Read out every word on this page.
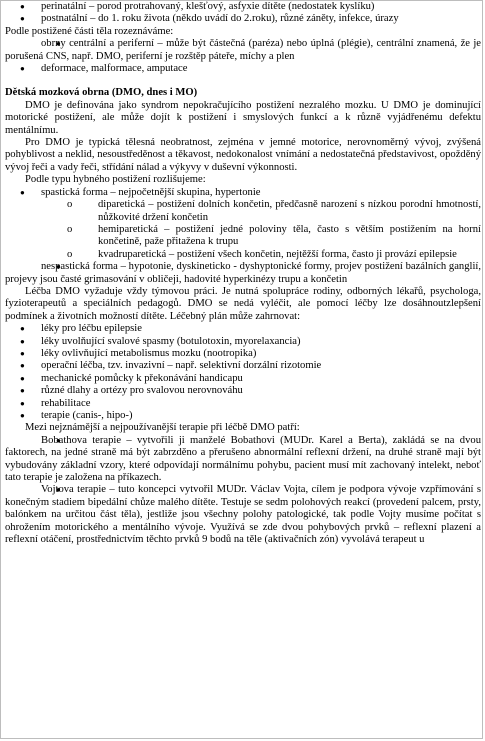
● perinatální – porod protrahovaný, klešťový, asfyxie dítěte (nedostatek kyslíku)
● postnatální – do 1. roku života (někdo uvádí do 2.roku), různé záněty, infekce, úrazy

Podle postižené části těla rozeznáváme:

● obrny centrální a periferní – může být částečná (paréza) nebo úplná (plégie), centrální znamená, že je porušená CNS, např. DMO, periferní je rozštěp páteře, míchy a plen
● deformace, malformace, amputace

Dětská mozková obrna (DMO, dnes i MO)

DMO je definována jako syndrom nepokračujícího postižení nezralého mozku. U DMO je dominující motorické postižení, ale může dojít k postižení i smyslových funkcí a k různě vyjádřenému defektu mentálnímu.

Pro DMO je typická tělesná neobratnost, zejména v jemné motorice, nerovnoměrný vývoj, zvýšená pohyblivost a neklid, nesoustředěnost a těkavost, nedokonalost vnímání a nedostatečná představivost, opožděný vývoj řeči a vady řeči, střídání nálad a výkyvy v duševní výkonnosti.

Podle typu hybného postižení rozlišujeme:

● spastická forma – nejpočetnější skupina, hypertonie
o diparetická – postižení dolních končetin, předčasně narození s nízkou porodní hmotností, nůžkovité držení končetin
o hemiparetická – postižení jedné poloviny těla, často s větším postižením na horní končetině, paže přitažena k trupu
o kvadruparetická – postižení všech končetin, nejtěžší forma, často ji provází epilepsie
● nespastická forma – hypotonie, dyskineticko - dyshyptonické formy, projev postižení bazálních ganglií, projevy jsou časté grimasování v obličeji, hadovité hyperkinézy trupu a končetin

Léčba DMO vyžaduje vždy týmovou práci. Je nutná spolupráce rodiny, odborných lékařů, psychologa, fyzioterapeutů a speciálních pedagogů. DMO se nedá vyléčit, ale pomocí léčby lze dosáhnoutzlepšení podmínek a životních možností dítěte. Léčebný plán může zahrnovat:

● léky pro léčbu epilepsie
● léky uvolňující svalové spasmy (botulotoxin, myorelaxancia)
● léky ovlivňující metabolismus mozku (nootropika)
● operační léčba, tzv. invazivní – např. selektivní dorzální rizotomie
● mechanické pomůcky k překonávání handicapu
● různé dlahy a ortézy pro svalovou nerovnováhu
● rehabilitace
● terapie (canis-, hipo-)

Mezi nejznámější a nejpoužívanější terapie při léčbě DMO patří:

● Bobathova terapie – vytvořili ji manželé Bobathovi (MUDr. Karel a Berta), zakládá se na dvou faktorech, na jedné straně má být zabrzděno a přerušeno abnormální reflexní držení, na druhé straně mají být vybudovány základní vzory, které odpovídají normálnímu pohybu, pacient musí mít zachovaný intelekt, neboť tato terapie je založena na příkazech.
● Vojtova terapie – tuto koncepci vytvořil MUDr. Václav Vojta, cílem je podpora vývoje vzpřímování s konečným stadiem bipedální chůze malého dítěte. Testuje se sedm polohových reakcí (provedení palcem, prsty, balónkem na určitou část těla), jestliže jsou všechny polohy patologické, tak podle Vojty musíme počítat s ohrožením motorického a mentálního vývoje. Využívá se zde dvou pohybových prvků – reflexní plazení a reflexní otáčení, prostřednictvím těchto prvků 9 bodů na těle (aktivačních zón) vyvolává terapeut u
